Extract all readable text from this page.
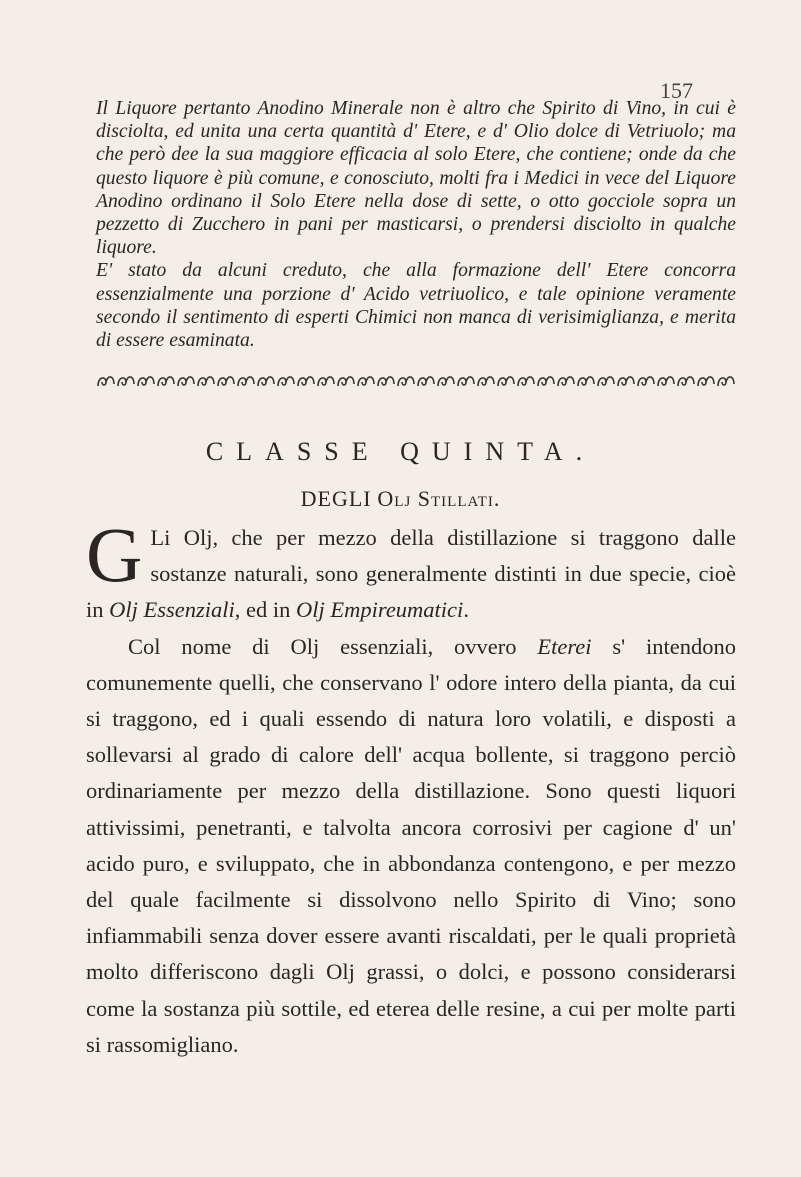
157

Il Liquore pertanto Anodino Minerale non è altro che Spirito di Vino, in cui è disciolta, ed unita una certa quantità d' Etere, e d' Olio dolce di Vetriuolo; ma che però dee la sua maggiore efficacia al solo Etere, che contiene; onde da che questo liquore è più comune, e conosciuto, molti fra i Medici in vece del Liquore Anodino ordinano il Solo Etere nella dose di sette, o otto gocciole sopra un pezzetto di Zucchero in pani per masticarsi, o prendersi disciolto in qualche liquore.

E' stato da alcuni creduto, che alla formazione dell' Etere concorra essenzialmente una porzione d' Acido vetriuolico, e tale opinione veramente secondo il sentimento di esperti Chimici non manca di verisimiglianza, e merita di essere esaminata.

CLASSE QUINTA.
DEGLI Olj Stillati.

G Li Olj, che per mezzo della distillazione si traggono dalle sostanze naturali, sono generalmente distinti in due specie, cioè in Olj Essenziali, ed in Olj Empireumatici.

Col nome di Olj essenziali, ovvero Eterei s' intendono comunemente quelli, che conservano l' odore intero della pianta, da cui si traggono, ed i quali essendo di natura loro volatili, e disposti a sollevarsi al grado di calore dell' acqua bollente, si traggono perciò ordinariamente per mezzo della distillazione. Sono questi liquori attivissimi, penetranti, e talvolta ancora corrosivi per cagione d' un' acido puro, e sviluppato, che in abbondanza contengono, e per mezzo del quale facilmente si dissolvono nello Spirito di Vino; sono infiammabili senza dover essere avanti riscaldati, per le quali proprietà molto differiscono dagli Olj grassi, o dolci, e possono considerarsi come la sostanza più sottile, ed eterea delle resine, a cui per molte parti si rassomigliano.
